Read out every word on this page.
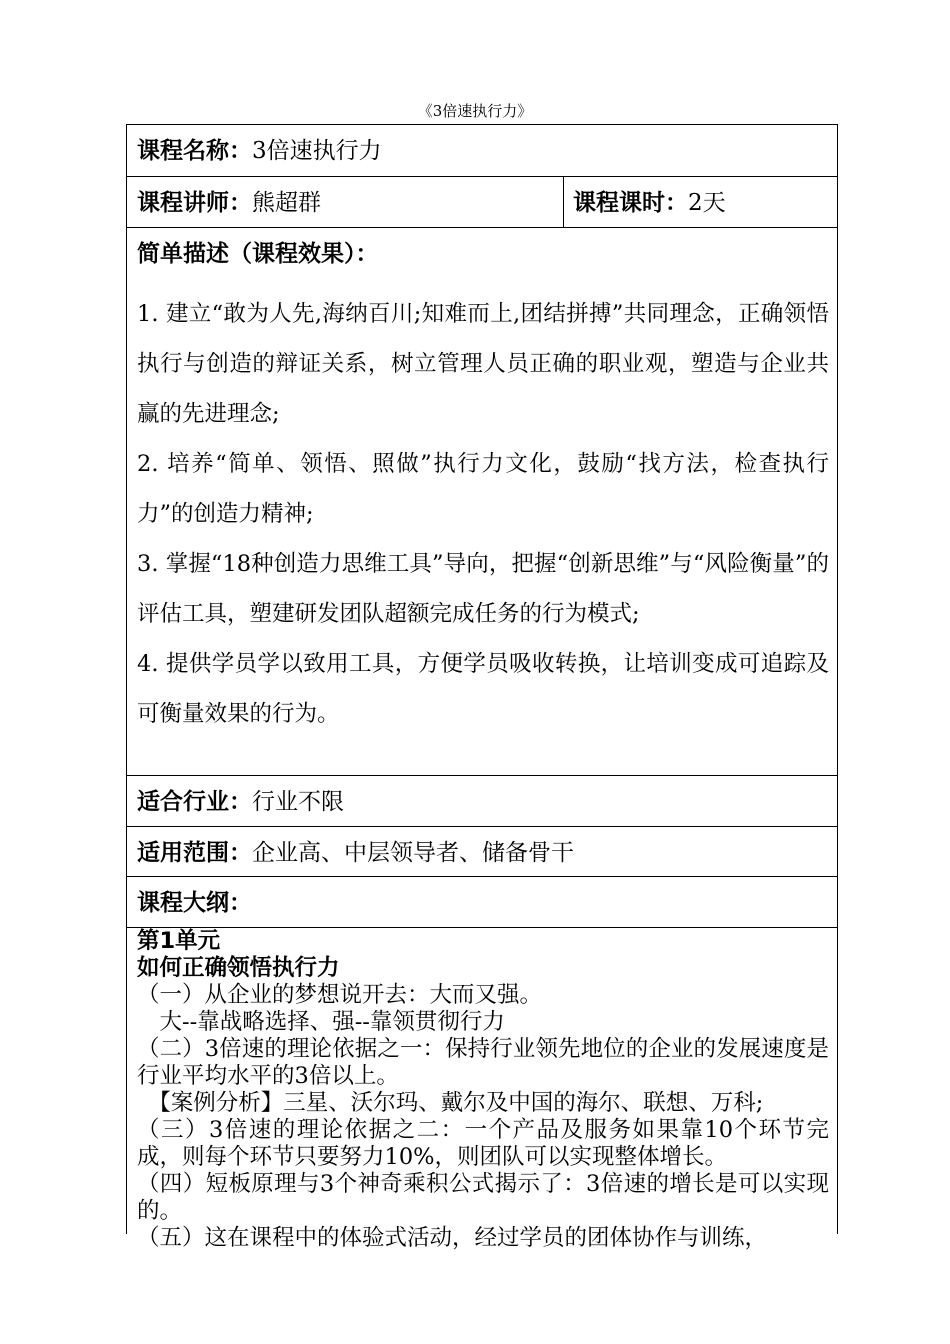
《3倍速执行力》
课程名称：3倍速执行力
课程讲师：熊超群	课程课时：2天
简单描述（课程效果）：

1. 建立“敢为人先,海纳百川;知难而上,团结拼搏”共同理念，正确领悟执行与创造的辩证关系，树立管理人员正确的职业观，塑造与企业共赢的先进理念;

2. 培养“简单、领悟、照做”执行力文化，鼓励“找方法，检查执行力”的创造力精神;

3. 掌握“18种创造力思维工具”导向，把握“创新思维”与“风险衡量”的评估工具，塑建研发团队超额完成任务的行为模式;

4. 提供学员学以致用工具，方便学员吸收转换，让培训变成可追踪及可衡量效果的行为。

适合行业：行业不限
适用范围：企业高、中层领导者、储备骨干
课程大纲：

第1单元

如何正确领悟执行力

（一）从企业的梦想说开去：大而又强。

　大--靠战略选择、强--靠领贯彻行力

（二）3倍速的理论依据之一：保持行业领先地位的企业的发展速度是行业平均水平的3倍以上。

　【案例分析】三星、沃尔玛、戴尔及中国的海尔、联想、万科;

（三）3倍速的理论依据之二：一个产品及服务如果靠10个环节完成，则每个环节只要努力10%，则团队可以实现整体增长。

（四）短板原理与3个神奇乘积公式揭示了：3倍速的增长是可以实现的。

（五）这在课程中的体验式活动，经过学员的团体协作与训练，
